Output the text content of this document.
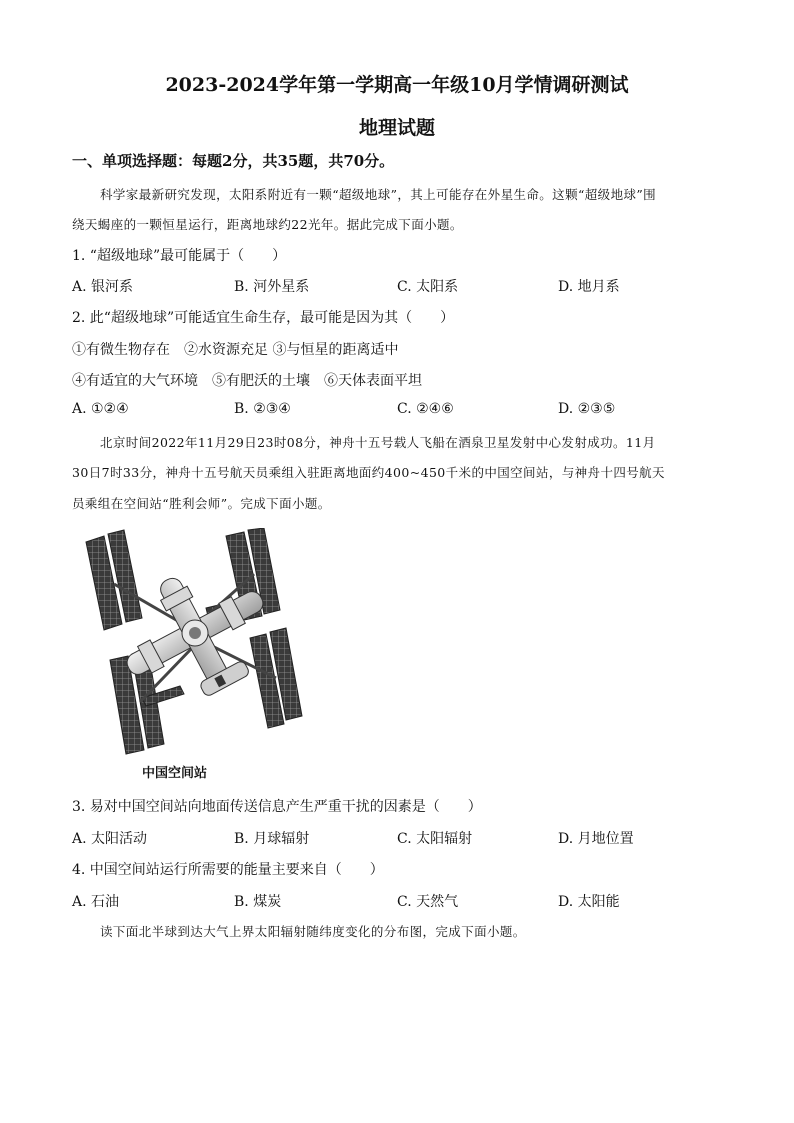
2023-2024学年第一学期高一年级10月学情调研测试
地理试题
一、单项选择题：每题2分，共35题，共70分。
科学家最新研究发现，太阳系附近有一颗“超级地球”，其上可能存在外星生命。这颗“超级地球”围
绕天蝎座的一颗恒星运行，距离地球约22光年。据此完成下面小题。
1. “超级地球”最可能属于（　　）
A. 银河系	B. 河外星系	C. 太阳系	D. 地月系
2. 此“超级地球”可能适宜生命生存，最可能是因为其（　　）
①有微生物存在　②水资源充足 ③与恒星的距离适中
④有适宜的大气环境　⑤有肥沃的土壤　⑥天体表面平坦
A. ①②④	B. ②③④	C. ②④⑥	D. ②③⑤
北京时间2022年11月29日23时08分，神舟十五号载人飞船在酒泉卫星发射中心发射成功。11月
30日7时33分，神舟十五号航天员乘组入驻距离地面约400~450千米的中国空间站，与神舟十四号航天
员乘组在空间站“胜利会师”。完成下面小题。
中国空间站
3. 易对中国空间站向地面传送信息产生严重干扰的因素是（　　）
A. 太阳活动	B. 月球辐射	C. 太阳辐射	D. 月地位置
4. 中国空间站运行所需要的能量主要来自（　　）
A. 石油	B. 煤炭	C. 天然气	D. 太阳能
读下面北半球到达大气上界太阳辐射随纬度变化的分布图，完成下面小题。
